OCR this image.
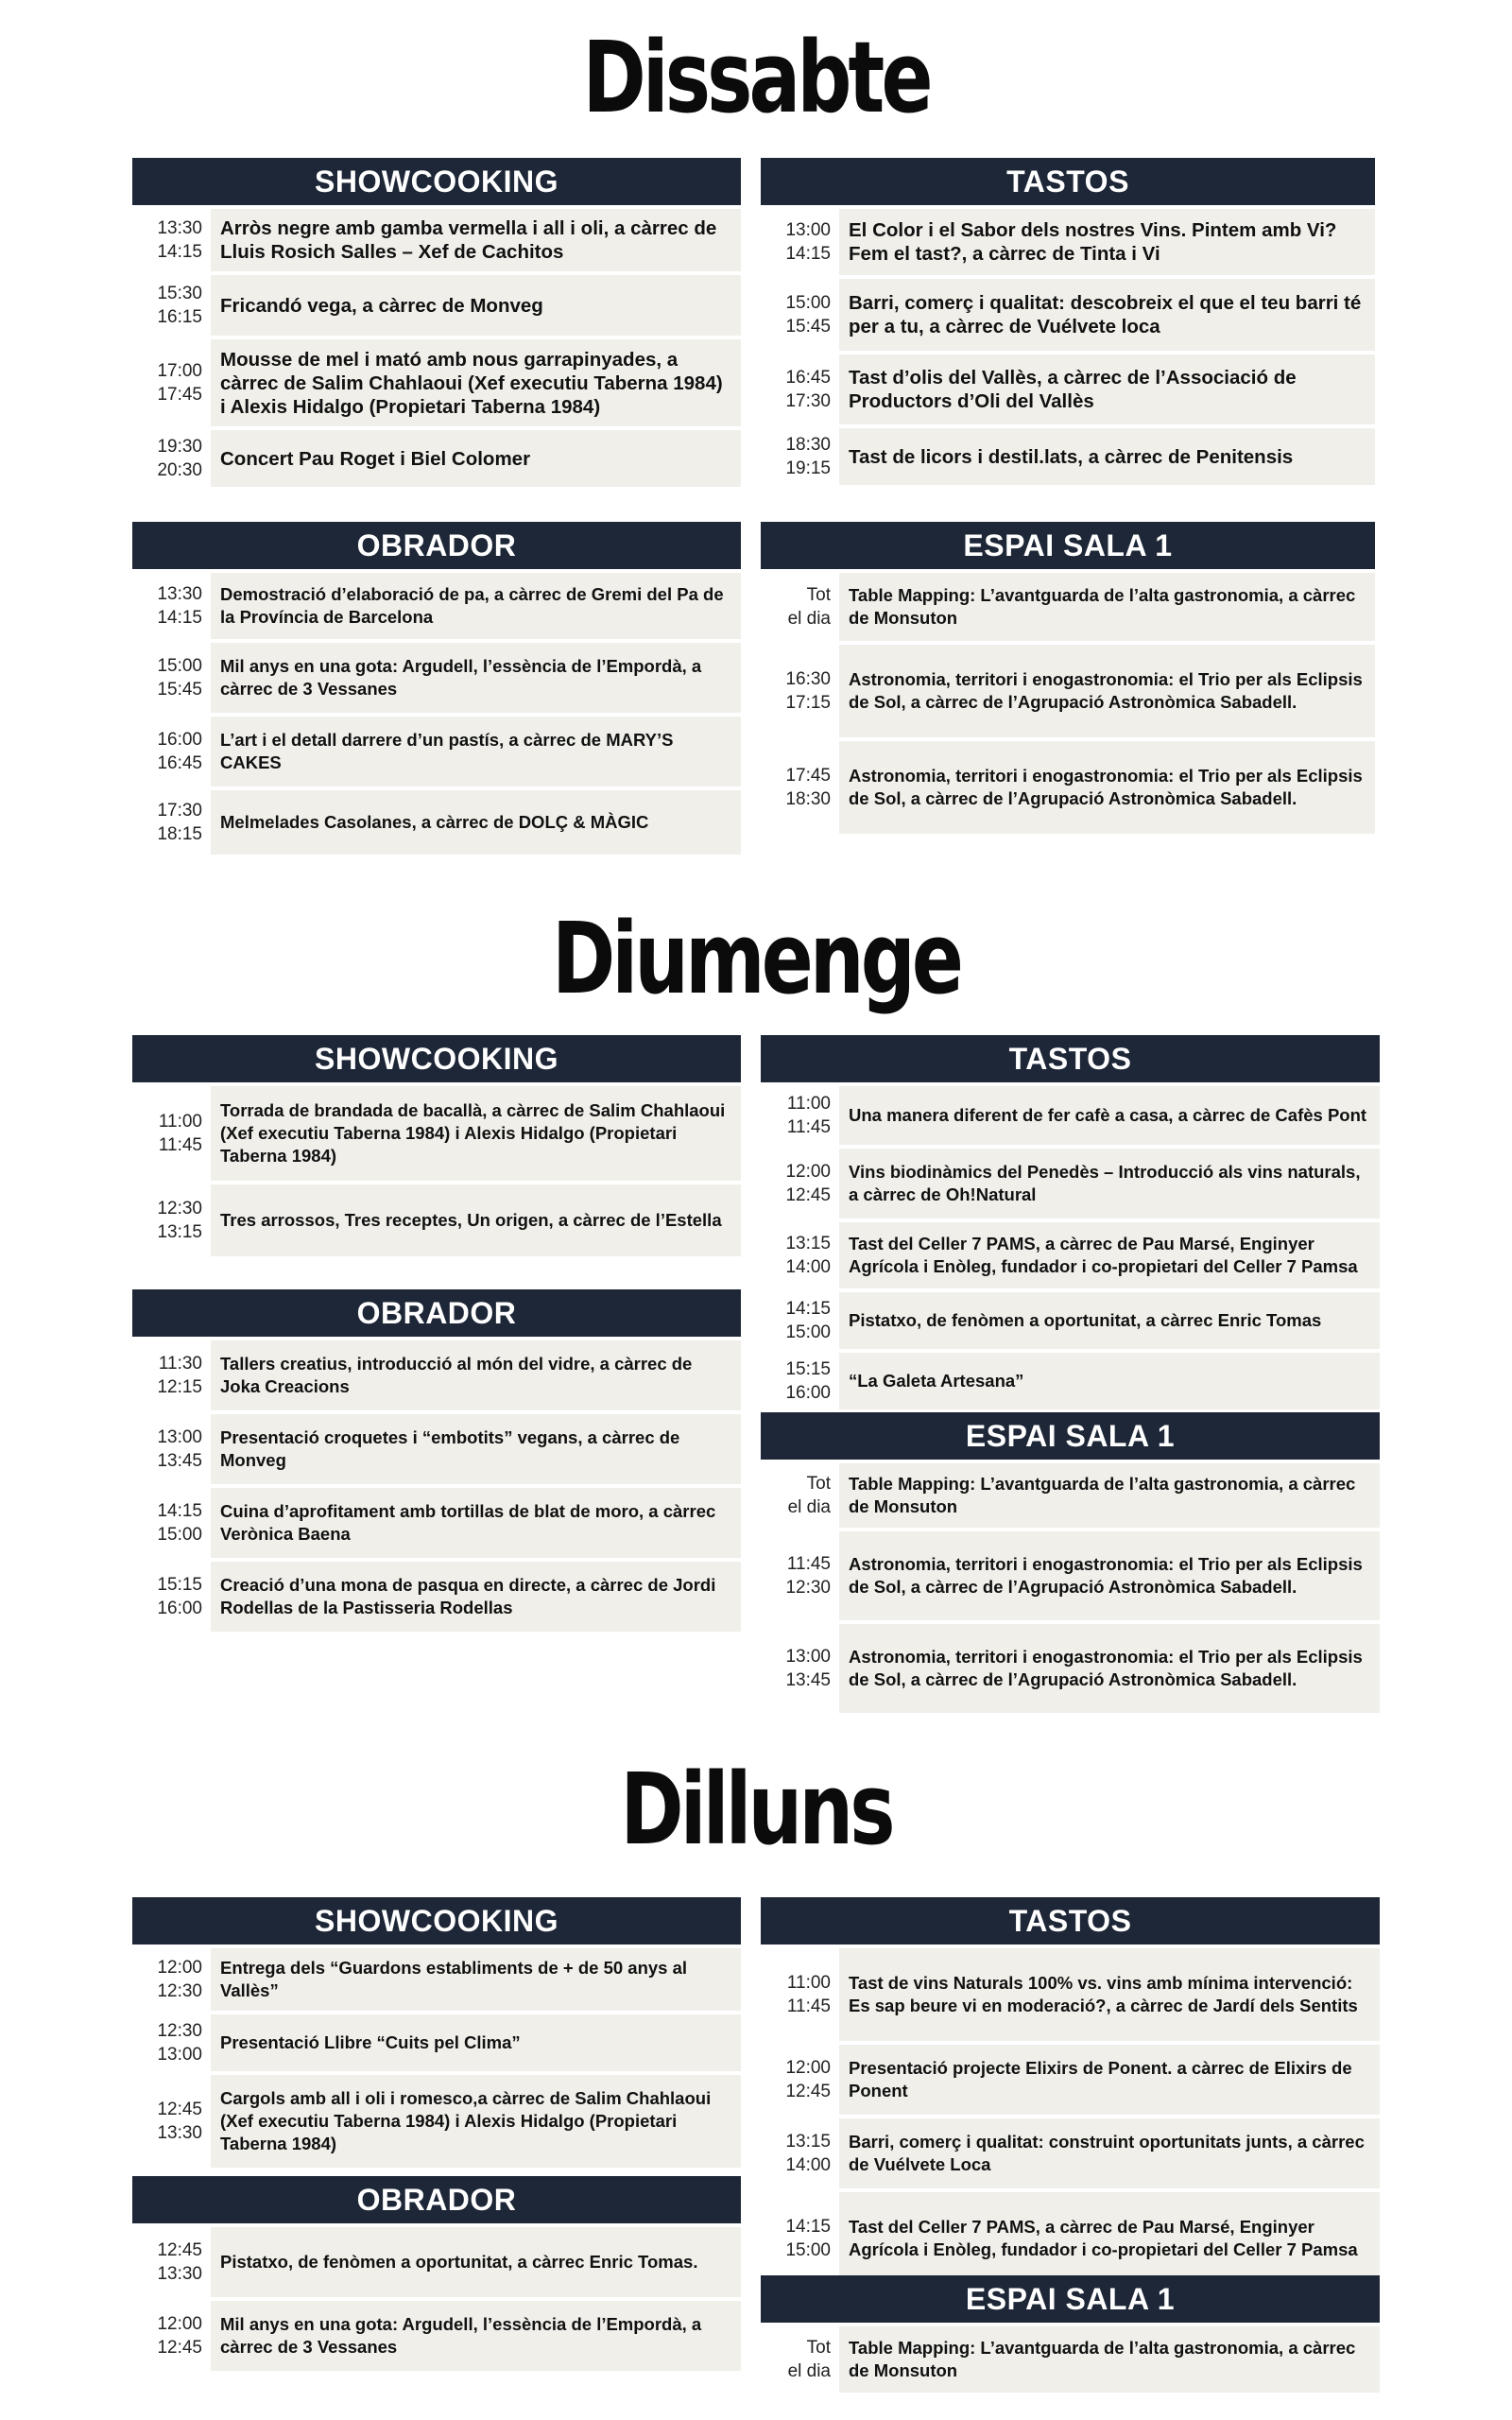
Dissabte
SHOWCOOKING
13:30
14:15
Arròs negre amb gamba vermella i all i oli, a càrrec de Lluis Rosich Salles – Xef de Cachitos
15:30
16:15
Fricandó vega, a càrrec de Monveg
17:00
17:45
Mousse de mel i mató amb nous garrapinyades, a càrrec de Salim Chahlaoui (Xef executiu Taberna 1984) i Alexis Hidalgo (Propietari Taberna 1984)
19:30
20:30
Concert Pau Roget i Biel Colomer
TASTOS
13:00
14:15
El Color i el Sabor dels nostres Vins. Pintem amb Vi? Fem el tast?, a càrrec de Tinta i Vi
15:00
15:45
Barri, comerç i qualitat: descobreix el que el teu barri té per a tu, a càrrec de Vuélvete loca
16:45
17:30
Tast d’olis del Vallès, a càrrec de l’Associació de Productors d’Oli del Vallès
18:30
19:15
Tast de licors i destil.lats, a càrrec de Penitensis
OBRADOR
13:30
14:15
Demostració d’elaboració de pa, a càrrec de Gremi del Pa de la Província de Barcelona
15:00
15:45
Mil anys en una gota: Argudell, l’essència de l’Empordà, a càrrec de 3 Vessanes
16:00
16:45
L’art i el detall darrere d’un pastís, a càrrec de MARY’S CAKES
17:30
18:15
Melmelades Casolanes, a càrrec de DOLÇ & MÀGIC
ESPAI SALA 1
Tot
el dia
Table Mapping: L’avantguarda de l’alta gastronomia, a càrrec de Monsuton
16:30
17:15
Astronomia, territori i enogastronomia: el Trio per als Eclipsis de Sol, a càrrec de l’Agrupació Astronòmica Sabadell.
17:45
18:30
Astronomia, territori i enogastronomia: el Trio per als Eclipsis de Sol, a càrrec de l’Agrupació Astronòmica Sabadell.
Diumenge
SHOWCOOKING
11:00
11:45
Torrada de brandada de bacallà, a càrrec de Salim Chahlaoui (Xef executiu Taberna 1984) i Alexis Hidalgo (Propietari Taberna 1984)
12:30
13:15
Tres arrossos, Tres receptes, Un origen, a càrrec de l’Estella
OBRADOR
11:30
12:15
Tallers creatius, introducció al món del vidre, a càrrec de Joka Creacions
13:00
13:45
Presentació croquetes i “embotits” vegans, a càrrec de Monveg
14:15
15:00
Cuina d’aprofitament amb tortillas de blat de moro, a càrrec Verònica Baena
15:15
16:00
Creació d’una mona de pasqua en directe, a càrrec de Jordi Rodellas de la Pastisseria Rodellas
TASTOS
11:00
11:45
Una manera diferent de fer cafè a casa, a càrrec de Cafès Pont
12:00
12:45
Vins biodinàmics del Penedès – Introducció als vins naturals, a càrrec de Oh!Natural
13:15
14:00
Tast del Celler 7 PAMS, a càrrec de Pau Marsé, Enginyer Agrícola i Enòleg, fundador i co-propietari del Celler 7 Pamsa
14:15
15:00
Pistatxo, de fenòmen a oportunitat, a càrrec Enric Tomas
15:15
16:00
“La Galeta Artesana”
ESPAI SALA 1
Tot
el dia
Table Mapping: L’avantguarda de l’alta gastronomia, a càrrec de Monsuton
11:45
12:30
Astronomia, territori i enogastronomia: el Trio per als Eclipsis de Sol, a càrrec de l’Agrupació Astronòmica Sabadell.
13:00
13:45
Astronomia, territori i enogastronomia: el Trio per als Eclipsis de Sol, a càrrec de l’Agrupació Astronòmica Sabadell.
Dilluns
SHOWCOOKING
12:00
12:30
Entrega dels “Guardons establiments de + de 50 anys al Vallès”
12:30
13:00
Presentació Llibre “Cuits pel Clima”
12:45
13:30
Cargols amb all i oli i romesco,a càrrec de Salim Chahlaoui (Xef executiu Taberna 1984) i Alexis Hidalgo (Propietari Taberna 1984)
OBRADOR
12:45
13:30
Pistatxo, de fenòmen a oportunitat, a càrrec Enric Tomas.
12:00
12:45
Mil anys en una gota: Argudell, l’essència de l’Empordà, a càrrec de 3 Vessanes
TASTOS
11:00
11:45
Tast de vins Naturals 100% vs. vins amb mínima intervenció: Es sap beure vi en moderació?, a càrrec de Jardí dels Sentits
12:00
12:45
Presentació projecte Elixirs de Ponent. a càrrec de Elixirs de Ponent
13:15
14:00
Barri, comerç i qualitat: construint oportunitats junts, a càrrec de Vuélvete Loca
14:15
15:00
Tast del Celler 7 PAMS, a càrrec de Pau Marsé, Enginyer Agrícola i Enòleg, fundador i co-propietari del Celler 7 Pamsa
ESPAI SALA 1
Tot
el dia
Table Mapping: L’avantguarda de l’alta gastronomia, a càrrec de Monsuton
